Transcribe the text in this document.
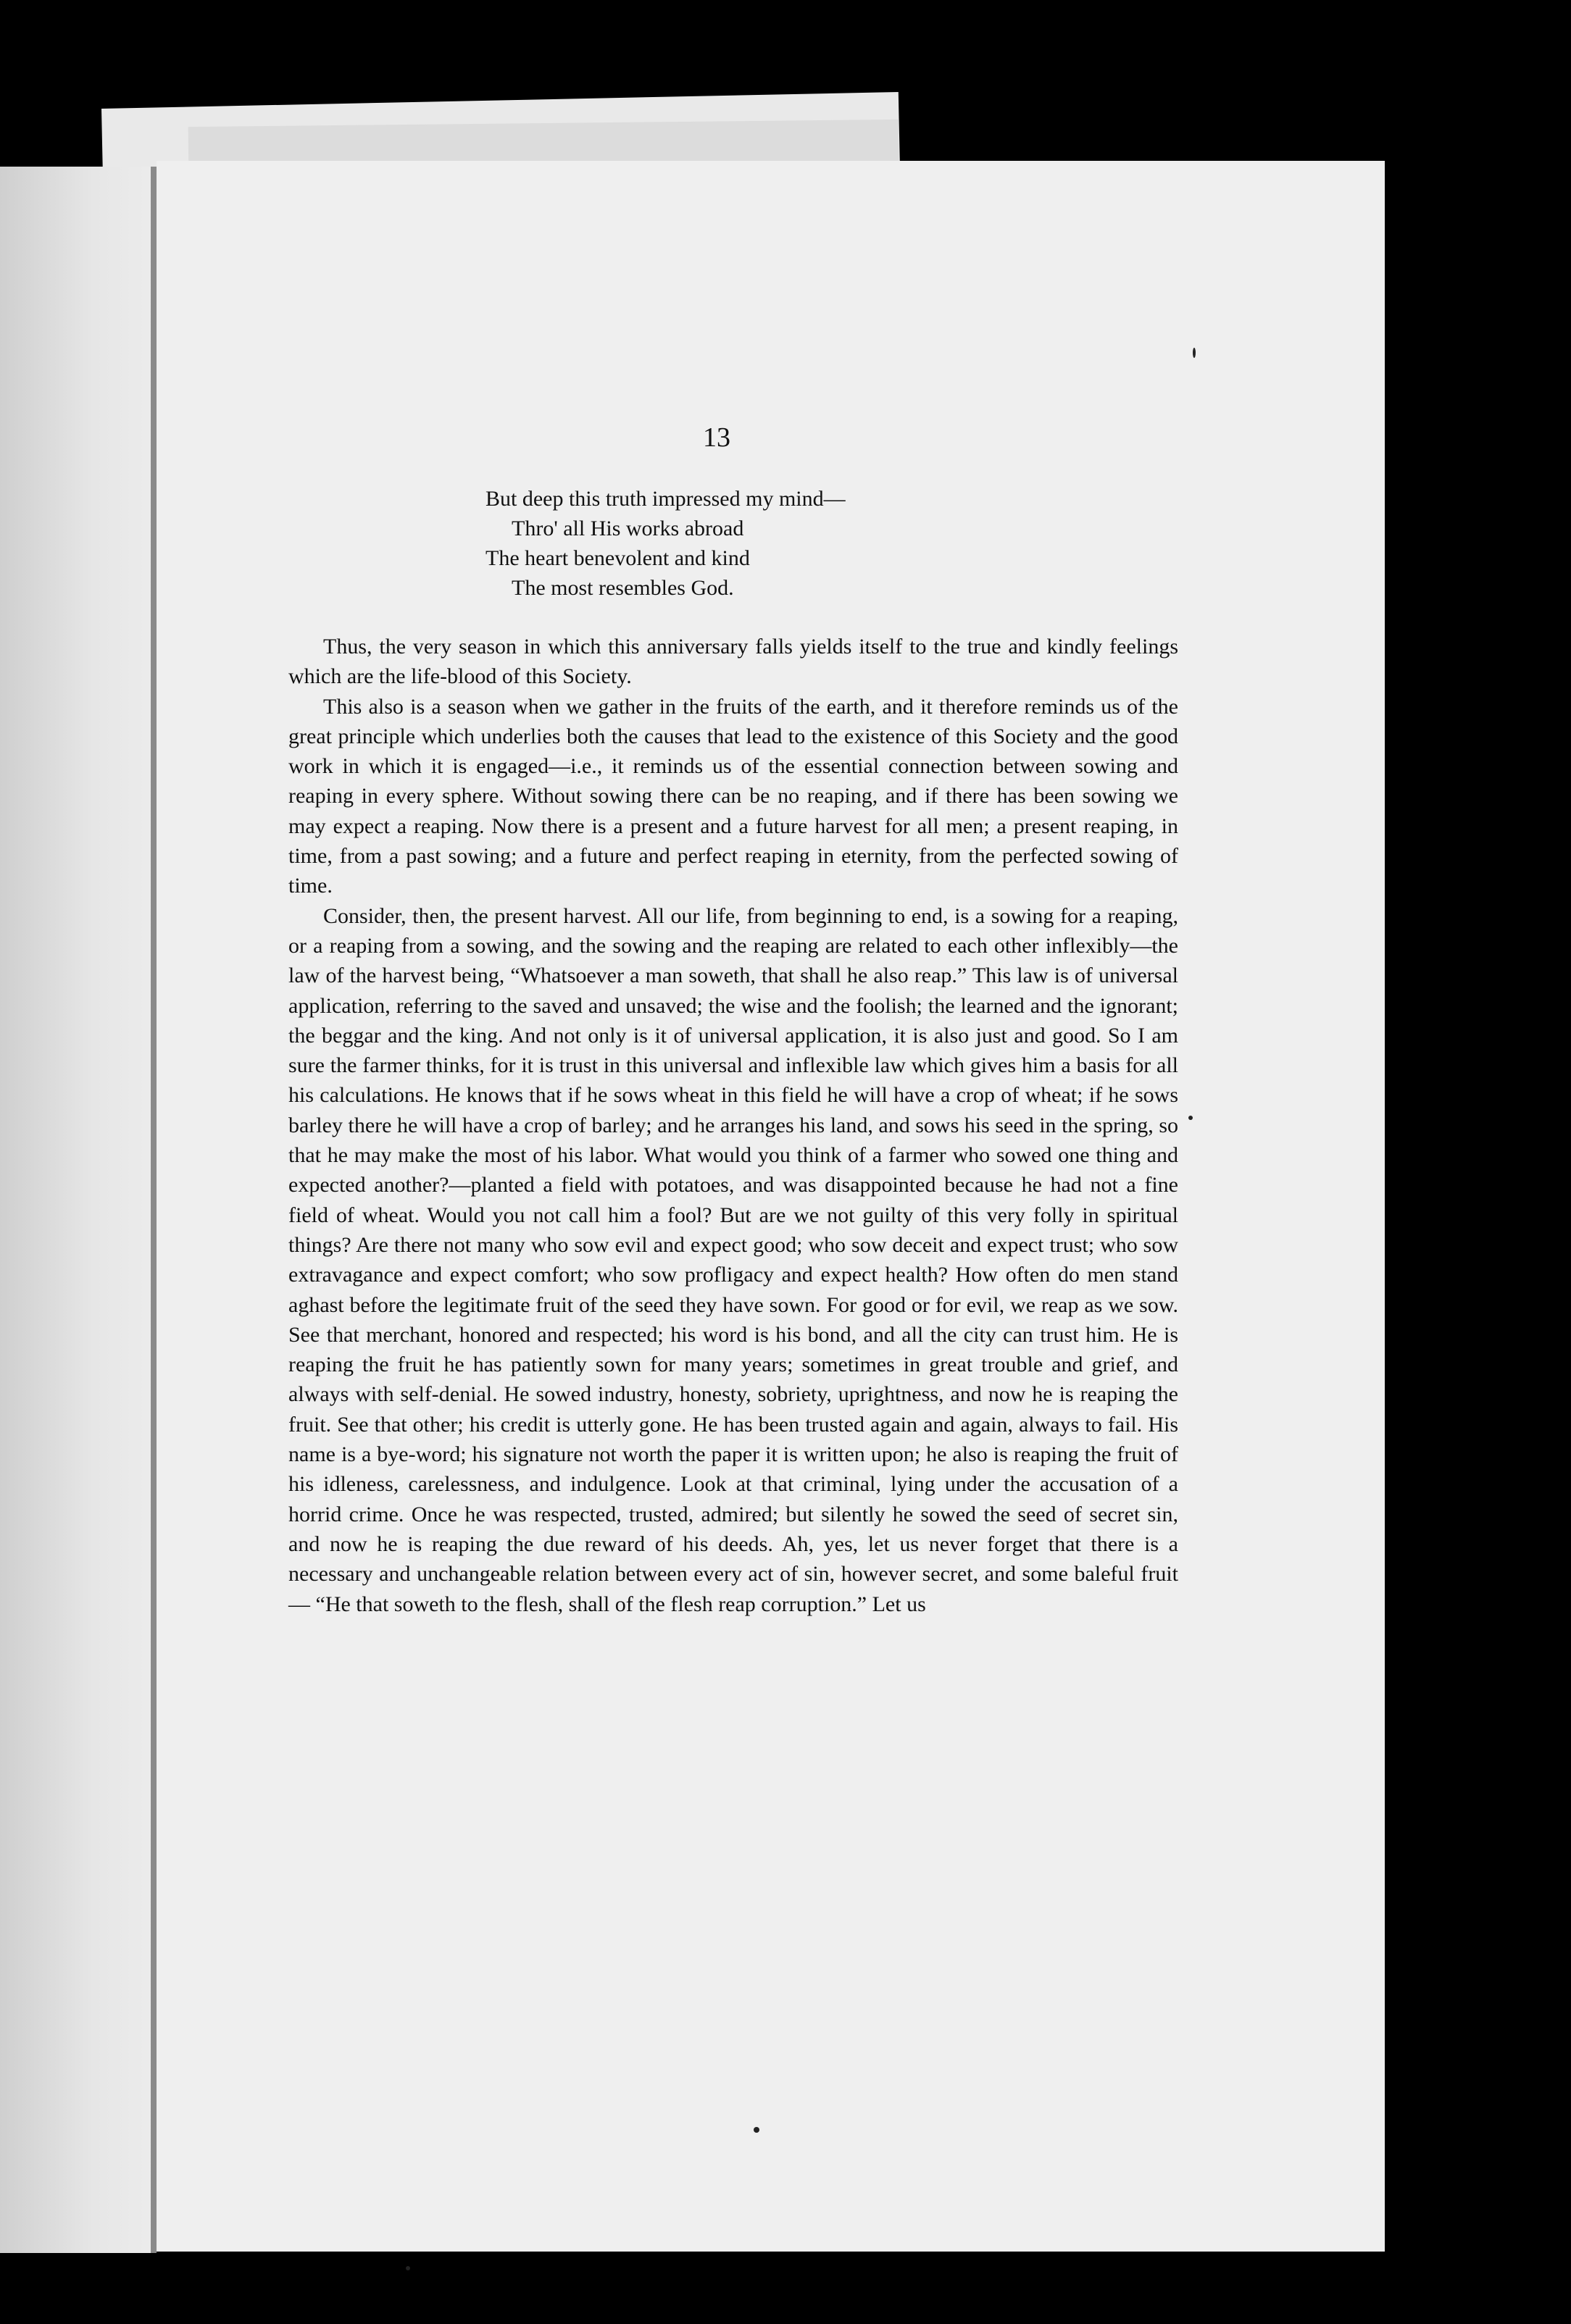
13
But deep this truth impressed my mind—
Thro' all His works abroad
The heart benevolent and kind
The most resembles God.

Thus, the very season in which this anniversary falls yields itself to the true and kindly feelings which are the life-blood of this Society.

This also is a season when we gather in the fruits of the earth, and it therefore reminds us of the great principle which underlies both the causes that lead to the existence of this Society and the good work in which it is engaged—i.e., it reminds us of the essential connection between sowing and reaping in every sphere. Without sowing there can be no reaping, and if there has been sowing we may expect a reaping. Now there is a present and a future harvest for all men; a present reaping, in time, from a past sowing; and a future and perfect reaping in eternity, from the perfected sowing of time.

Consider, then, the present harvest. All our life, from beginning to end, is a sowing for a reaping, or a reaping from a sowing, and the sowing and the reaping are related to each other inflexibly—the law of the harvest being, “Whatsoever a man soweth, that shall he also reap.” This law is of universal application, referring to the saved and unsaved; the wise and the foolish; the learned and the ignorant; the beggar and the king. And not only is it of universal application, it is also just and good. So I am sure the farmer thinks, for it is trust in this universal and inflexible law which gives him a basis for all his calculations. He knows that if he sows wheat in this field he will have a crop of wheat; if he sows barley there he will have a crop of barley; and he arranges his land, and sows his seed in the spring, so that he may make the most of his labor. What would you think of a farmer who sowed one thing and expected another?—planted a field with potatoes, and was disappointed because he had not a fine field of wheat. Would you not call him a fool? But are we not guilty of this very folly in spiritual things? Are there not many who sow evil and expect good; who sow deceit and expect trust; who sow extravagance and expect comfort; who sow profligacy and expect health? How often do men stand aghast before the legitimate fruit of the seed they have sown. For good or for evil, we reap as we sow. See that merchant, honored and respected; his word is his bond, and all the city can trust him. He is reaping the fruit he has patiently sown for many years; sometimes in great trouble and grief, and always with self-denial. He sowed industry, honesty, sobriety, uprightness, and now he is reaping the fruit. See that other; his credit is utterly gone. He has been trusted again and again, always to fail. His name is a bye-word; his signature not worth the paper it is written upon; he also is reaping the fruit of his idleness, carelessness, and indulgence. Look at that criminal, lying under the accusation of a horrid crime. Once he was respected, trusted, admired; but silently he sowed the seed of secret sin, and now he is reaping the due reward of his deeds. Ah, yes, let us never forget that there is a necessary and unchangeable relation between every act of sin, however secret, and some baleful fruit— “He that soweth to the flesh, shall of the flesh reap corruption.” Let us
